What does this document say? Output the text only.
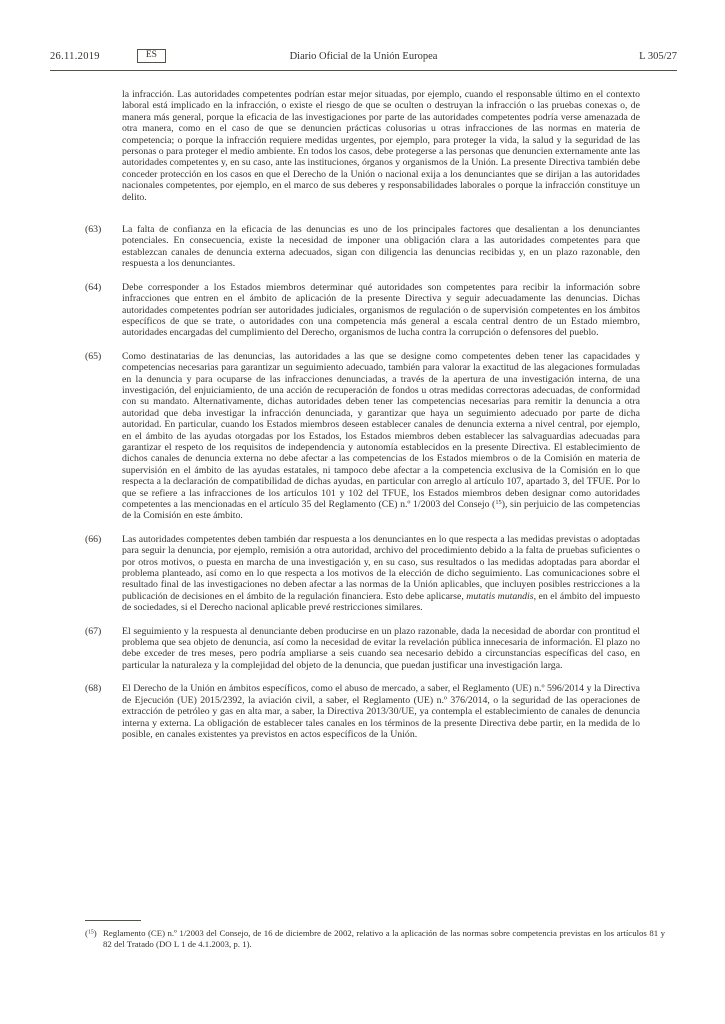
26.11.2019	ES	Diario Oficial de la Unión Europea	L 305/27

la infracción. Las autoridades competentes podrían estar mejor situadas, por ejemplo, cuando el responsable último en el contexto laboral está implicado en la infracción, o existe el riesgo de que se oculten o destruyan la infracción o las pruebas conexas o, de manera más general, porque la eficacia de las investigaciones por parte de las autoridades competentes podría verse amenazada de otra manera, como en el caso de que se denuncien prácticas colusorias u otras infracciones de las normas en materia de competencia; o porque la infracción requiere medidas urgentes, por ejemplo, para proteger la vida, la salud y la seguridad de las personas o para proteger el medio ambiente. En todos los casos, debe protegerse a las personas que denuncien externamente ante las autoridades competentes y, en su caso, ante las instituciones, órganos y organismos de la Unión. La presente Directiva también debe conceder protección en los casos en que el Derecho de la Unión o nacional exija a los denunciantes que se dirijan a las autoridades nacionales competentes, por ejemplo, en el marco de sus deberes y responsabilidades laborales o porque la infracción constituye un delito.

(63)	La falta de confianza en la eficacia de las denuncias es uno de los principales factores que desalientan a los denunciantes potenciales. En consecuencia, existe la necesidad de imponer una obligación clara a las autoridades competentes para que establezcan canales de denuncia externa adecuados, sigan con diligencia las denuncias recibidas y, en un plazo razonable, den respuesta a los denunciantes.

(64)	Debe corresponder a los Estados miembros determinar qué autoridades son competentes para recibir la información sobre infracciones que entren en el ámbito de aplicación de la presente Directiva y seguir adecuadamente las denuncias. Dichas autoridades competentes podrían ser autoridades judiciales, organismos de regulación o de supervisión competentes en los ámbitos específicos de que se trate, o autoridades con una competencia más general a escala central dentro de un Estado miembro, autoridades encargadas del cumplimiento del Derecho, organismos de lucha contra la corrupción o defensores del pueblo.

(65)	Como destinatarias de las denuncias, las autoridades a las que se designe como competentes deben tener las capacidades y competencias necesarias para garantizar un seguimiento adecuado, también para valorar la exactitud de las alegaciones formuladas en la denuncia y para ocuparse de las infracciones denunciadas, a través de la apertura de una investigación interna, de una investigación, del enjuiciamiento, de una acción de recuperación de fondos u otras medidas correctoras adecuadas, de conformidad con su mandato. Alternativamente, dichas autoridades deben tener las competencias necesarias para remitir la denuncia a otra autoridad que deba investigar la infracción denunciada, y garantizar que haya un seguimiento adecuado por parte de dicha autoridad. En particular, cuando los Estados miembros deseen establecer canales de denuncia externa a nivel central, por ejemplo, en el ámbito de las ayudas otorgadas por los Estados, los Estados miembros deben establecer las salvaguardias adecuadas para garantizar el respeto de los requisitos de independencia y autonomía establecidos en la presente Directiva. El establecimiento de dichos canales de denuncia externa no debe afectar a las competencias de los Estados miembros o de la Comisión en materia de supervisión en el ámbito de las ayudas estatales, ni tampoco debe afectar a la competencia exclusiva de la Comisión en lo que respecta a la declaración de compatibilidad de dichas ayudas, en particular con arreglo al artículo 107, apartado 3, del TFUE. Por lo que se refiere a las infracciones de los artículos 101 y 102 del TFUE, los Estados miembros deben designar como autoridades competentes a las mencionadas en el artículo 35 del Reglamento (CE) n.º 1/2003 del Consejo ($^{15}$), sin perjuicio de las competencias de la Comisión en este ámbito.

(66)	Las autoridades competentes deben también dar respuesta a los denunciantes en lo que respecta a las medidas previstas o adoptadas para seguir la denuncia, por ejemplo, remisión a otra autoridad, archivo del procedimiento debido a la falta de pruebas suficientes o por otros motivos, o puesta en marcha de una investigación y, en su caso, sus resultados o las medidas adoptadas para abordar el problema planteado, así como en lo que respecta a los motivos de la elección de dicho seguimiento. Las comunicaciones sobre el resultado final de las investigaciones no deben afectar a las normas de la Unión aplicables, que incluyen posibles restricciones a la publicación de decisiones en el ámbito de la regulación financiera. Esto debe aplicarse, mutatis mutandis, en el ámbito del impuesto de sociedades, si el Derecho nacional aplicable prevé restricciones similares.

(67)	El seguimiento y la respuesta al denunciante deben producirse en un plazo razonable, dada la necesidad de abordar con prontitud el problema que sea objeto de denuncia, así como la necesidad de evitar la revelación pública innecesaria de información. El plazo no debe exceder de tres meses, pero podría ampliarse a seis cuando sea necesario debido a circunstancias específicas del caso, en particular la naturaleza y la complejidad del objeto de la denuncia, que puedan justificar una investigación larga.

(68)	El Derecho de la Unión en ámbitos específicos, como el abuso de mercado, a saber, el Reglamento (UE) n.º 596/2014 y la Directiva de Ejecución (UE) 2015/2392, la aviación civil, a saber, el Reglamento (UE) n.º 376/2014, o la seguridad de las operaciones de extracción de petróleo y gas en alta mar, a saber, la Directiva 2013/30/UE, ya contempla el establecimiento de canales de denuncia interna y externa. La obligación de establecer tales canales en los términos de la presente Directiva debe partir, en la medida de lo posible, en canales existentes ya previstos en actos específicos de la Unión.

($^{15}$) Reglamento (CE) n.º 1/2003 del Consejo, de 16 de diciembre de 2002, relativo a la aplicación de las normas sobre competencia previstas en los artículos 81 y 82 del Tratado (DO L 1 de 4.1.2003, p. 1).
